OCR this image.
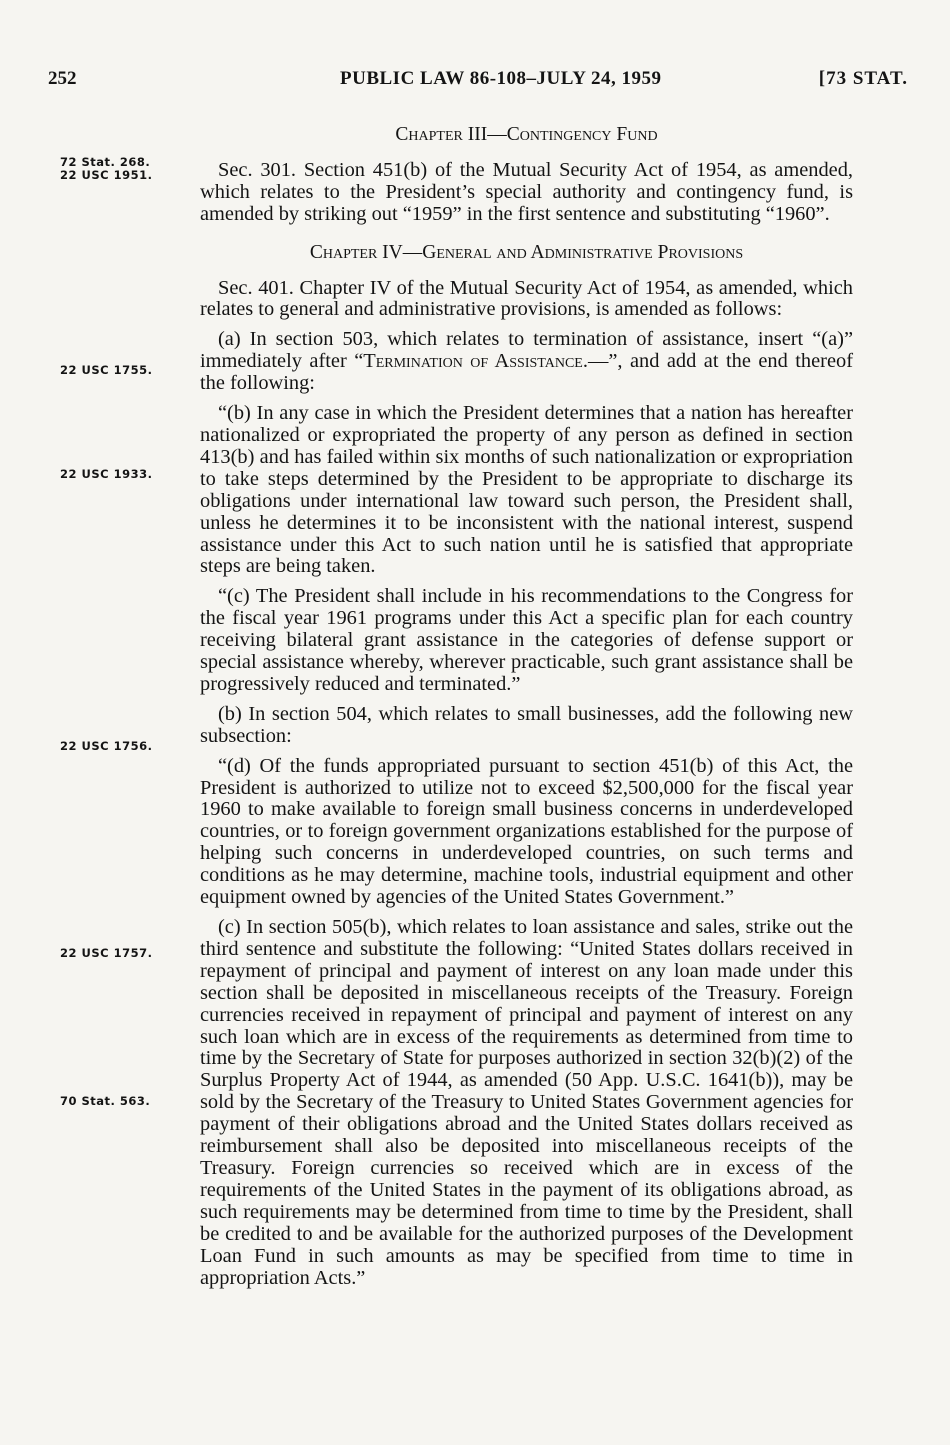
252	PUBLIC LAW 86-108–JULY 24, 1959	[73 STAT.
72 Stat. 268.
22 USC 1951.
22 USC 1755.
22 USC 1933.
22 USC 1756.
22 USC 1757.
70 Stat. 563.
Chapter III—Contingency Fund

Sec. 301. Section 451(b) of the Mutual Security Act of 1954, as amended, which relates to the President’s special authority and contingency fund, is amended by striking out “1959” in the first sentence and substituting “1960”.

Chapter IV—General and Administrative Provisions

Sec. 401. Chapter IV of the Mutual Security Act of 1954, as amended, which relates to general and administrative provisions, is amended as follows:

(a) In section 503, which relates to termination of assistance, insert “(a)” immediately after “Termination of Assistance.—”, and add at the end thereof the following:

“(b) In any case in which the President determines that a nation has hereafter nationalized or expropriated the property of any person as defined in section 413(b) and has failed within six months of such nationalization or expropriation to take steps determined by the President to be appropriate to discharge its obligations under international law toward such person, the President shall, unless he determines it to be inconsistent with the national interest, suspend assistance under this Act to such nation until he is satisfied that appropriate steps are being taken.

“(c) The President shall include in his recommendations to the Congress for the fiscal year 1961 programs under this Act a specific plan for each country receiving bilateral grant assistance in the categories of defense support or special assistance whereby, wherever practicable, such grant assistance shall be progressively reduced and terminated.”

(b) In section 504, which relates to small businesses, add the following new subsection:

“(d) Of the funds appropriated pursuant to section 451(b) of this Act, the President is authorized to utilize not to exceed $2,500,000 for the fiscal year 1960 to make available to foreign small business concerns in underdeveloped countries, or to foreign government organizations established for the purpose of helping such concerns in underdeveloped countries, on such terms and conditions as he may determine, machine tools, industrial equipment and other equipment owned by agencies of the United States Government.”

(c) In section 505(b), which relates to loan assistance and sales, strike out the third sentence and substitute the following: “United States dollars received in repayment of principal and payment of interest on any loan made under this section shall be deposited in miscellaneous receipts of the Treasury. Foreign currencies received in repayment of principal and payment of interest on any such loan which are in excess of the requirements as determined from time to time by the Secretary of State for purposes authorized in section 32(b)(2) of the Surplus Property Act of 1944, as amended (50 App. U.S.C. 1641(b)), may be sold by the Secretary of the Treasury to United States Government agencies for payment of their obligations abroad and the United States dollars received as reimbursement shall also be deposited into miscellaneous receipts of the Treasury. Foreign currencies so received which are in excess of the requirements of the United States in the payment of its obligations abroad, as such requirements may be determined from time to time by the President, shall be credited to and be available for the authorized purposes of the Development Loan Fund in such amounts as may be specified from time to time in appropriation Acts.”
